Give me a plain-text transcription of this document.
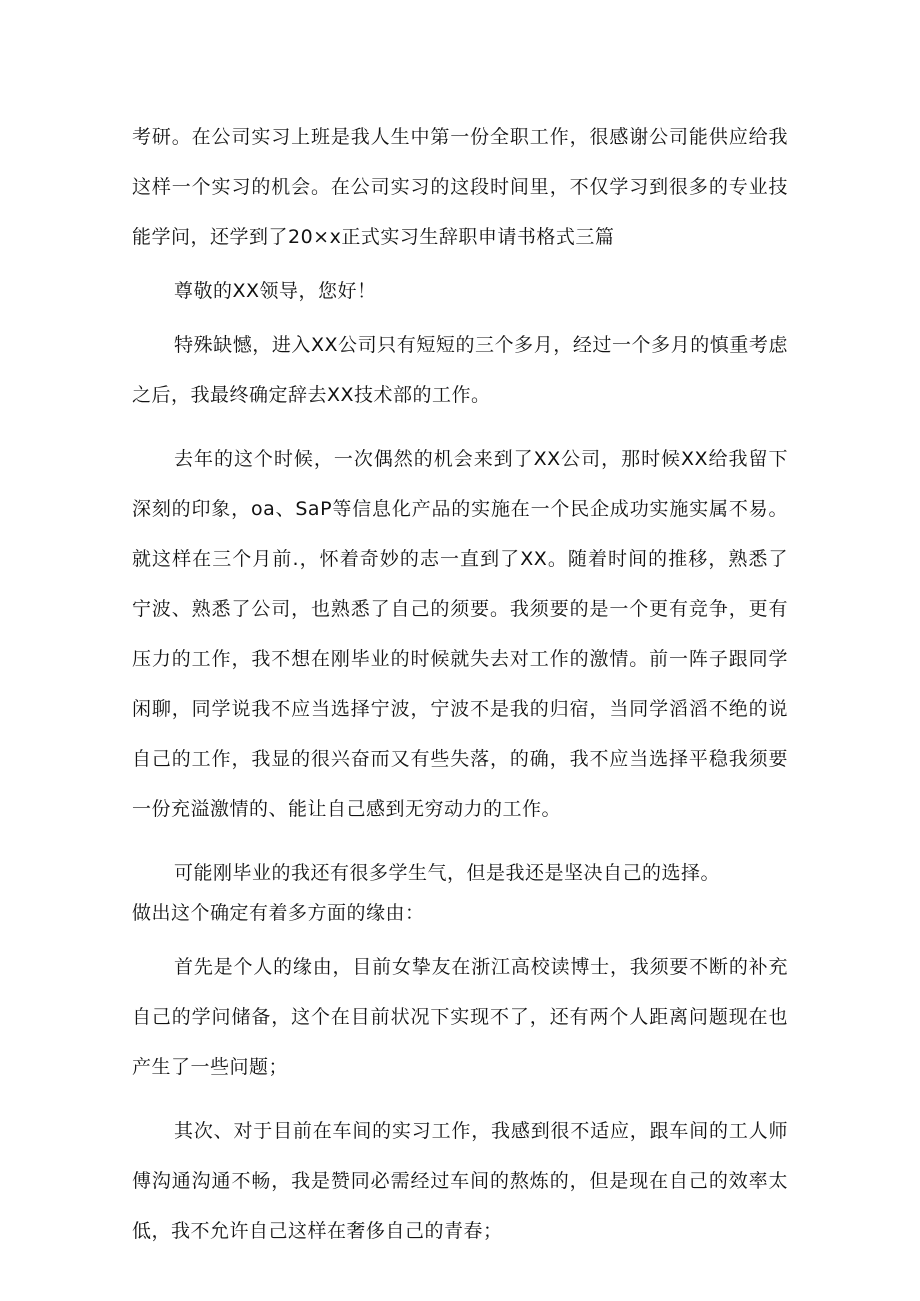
考研。在公司实习上班是我人生中第一份全职工作，很感谢公司能供应给我这样一个实习的机会。在公司实习的这段时间里，不仅学习到很多的专业技能学问，还学到了20×x正式实习生辞职申请书格式三篇

尊敬的XX领导，您好！

特殊缺憾，进入XX公司只有短短的三个多月，经过一个多月的慎重考虑之后，我最终确定辞去XX技术部的工作。

去年的这个时候，一次偶然的机会来到了XX公司，那时候XX给我留下深刻的印象，oa、SaP等信息化产品的实施在一个民企成功实施实属不易。就这样在三个月前.，怀着奇妙的志一直到了XX。随着时间的推移，熟悉了宁波、熟悉了公司，也熟悉了自己的须要。我须要的是一个更有竞争，更有压力的工作，我不想在刚毕业的时候就失去对工作的激情。前一阵子跟同学闲聊，同学说我不应当选择宁波，宁波不是我的归宿，当同学滔滔不绝的说自己的工作，我显的很兴奋而又有些失落，的确，我不应当选择平稳我须要一份充溢激情的、能让自己感到无穷动力的工作。

可能刚毕业的我还有很多学生气，但是我还是坚决自己的选择。

做出这个确定有着多方面的缘由：

首先是个人的缘由，目前女挚友在浙江高校读博士，我须要不断的补充自己的学问储备，这个在目前状况下实现不了，还有两个人距离问题现在也产生了一些问题；

其次、对于目前在车间的实习工作，我感到很不适应，跟车间的工人师傅沟通沟通不畅，我是赞同必需经过车间的熬炼的，但是现在自己的效率太低，我不允许自己这样在奢侈自己的青春；
